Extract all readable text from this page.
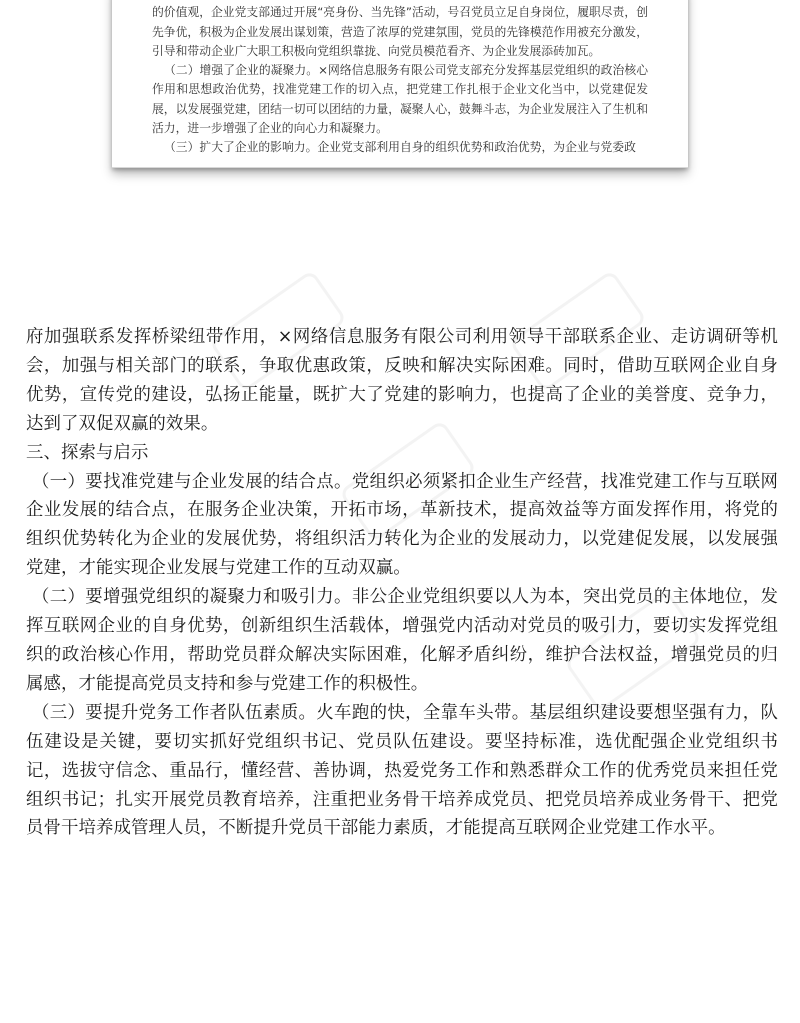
的价值观，企业党支部通过开展“亮身份、当先锋”活动，号召党员立足自身岗位，履职尽责，创先争优，积极为企业发展出谋划策，营造了浓厚的党建氛围，党员的先锋模范作用被充分激发，引导和带动企业广大职工积极向党组织靠拢、向党员模范看齐、为企业发展添砖加瓦。

（二）增强了企业的凝聚力。×网络信息服务有限公司党支部充分发挥基层党组织的政治核心作用和思想政治优势，找准党建工作的切入点，把党建工作扎根于企业文化当中，以党建促发展，以发展强党建，团结一切可以团结的力量，凝聚人心，鼓舞斗志，为企业发展注入了生机和活力，进一步增强了企业的向心力和凝聚力。

（三）扩大了企业的影响力。企业党支部利用自身的组织优势和政治优势，为企业与党委政

府加强联系发挥桥梁纽带作用，×网络信息服务有限公司利用领导干部联系企业、走访调研等机会，加强与相关部门的联系，争取优惠政策，反映和解决实际困难。同时，借助互联网企业自身优势，宣传党的建设，弘扬正能量，既扩大了党建的影响力，也提高了企业的美誉度、竞争力，达到了双促双赢的效果。

三、探索与启示

（一）要找准党建与企业发展的结合点。党组织必须紧扣企业生产经营，找准党建工作与互联网企业发展的结合点，在服务企业决策，开拓市场，革新技术，提高效益等方面发挥作用，将党的组织优势转化为企业的发展优势，将组织活力转化为企业的发展动力，以党建促发展，以发展强党建，才能实现企业发展与党建工作的互动双赢。

（二）要增强党组织的凝聚力和吸引力。非公企业党组织要以人为本，突出党员的主体地位，发挥互联网企业的自身优势，创新组织生活载体，增强党内活动对党员的吸引力，要切实发挥党组织的政治核心作用，帮助党员群众解决实际困难，化解矛盾纠纷，维护合法权益，增强党员的归属感，才能提高党员支持和参与党建工作的积极性。

（三）要提升党务工作者队伍素质。火车跑的快，全靠车头带。基层组织建设要想坚强有力，队伍建设是关键，要切实抓好党组织书记、党员队伍建设。要坚持标准，选优配强企业党组织书记，选拔守信念、重品行，懂经营、善协调，热爱党务工作和熟悉群众工作的优秀党员来担任党组织书记；扎实开展党员教育培养，注重把业务骨干培养成党员、把党员培养成业务骨干、把党员骨干培养成管理人员，不断提升党员干部能力素质，才能提高互联网企业党建工作水平。
